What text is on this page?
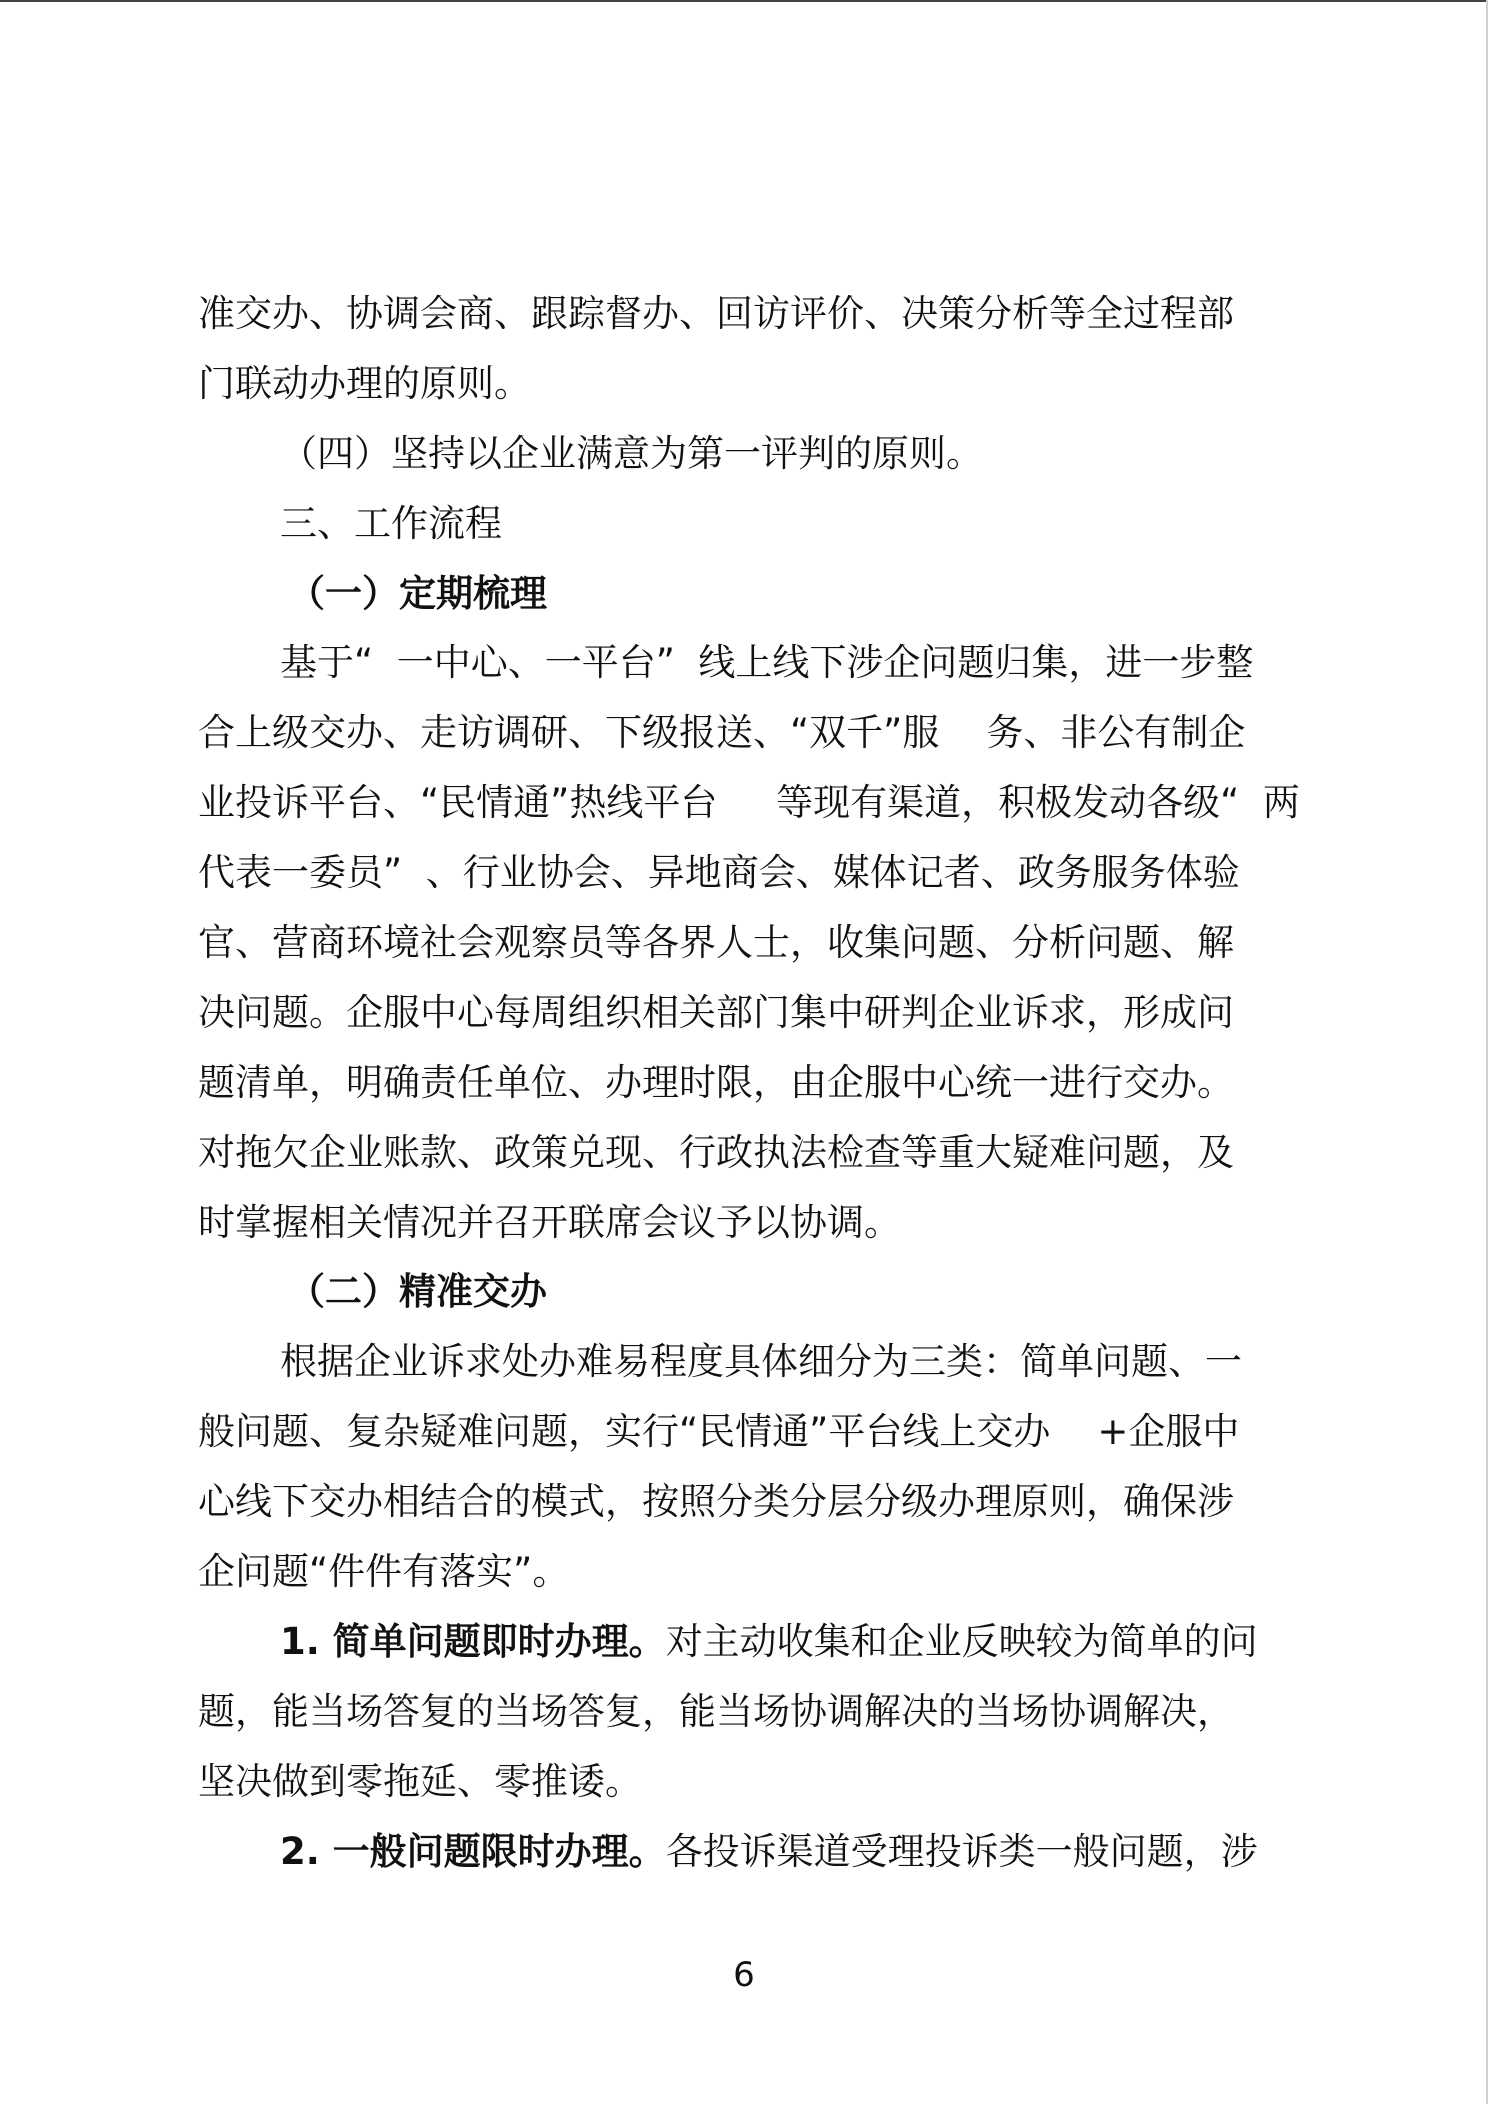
准交办、协调会商、跟踪督办、回访评价、决策分析等全过程部
门联动办理的原则。
（四）坚持以企业满意为第一评判的原则。
三、工作流程
（一）定期梳理
基于“  一中心、一平台”  线上线下涉企问题归集，进一步整
合上级交办、走访调研、下级报送、“双千”服    务、非公有制企
业投诉平台、“民情通”热线平台     等现有渠道，积极发动各级“  两
代表一委员”  、行业协会、异地商会、媒体记者、政务服务体验
官、营商环境社会观察员等各界人士，收集问题、分析问题、解
决问题。企服中心每周组织相关部门集中研判企业诉求，形成问
题清单，明确责任单位、办理时限，由企服中心统一进行交办。
对拖欠企业账款、政策兑现、行政执法检查等重大疑难问题，及
时掌握相关情况并召开联席会议予以协调。
（二）精准交办
根据企业诉求处办难易程度具体细分为三类：简单问题、一
般问题、复杂疑难问题，实行“民情通”平台线上交办    +企服中
心线下交办相结合的模式，按照分类分层分级办理原则，确保涉
企问题“件件有落实”。
1. 简单问题即时办理。对主动收集和企业反映较为简单的问
题，能当场答复的当场答复，能当场协调解决的当场协调解决，
坚决做到零拖延、零推诿。
2. 一般问题限时办理。各投诉渠道受理投诉类一般问题，涉
6
